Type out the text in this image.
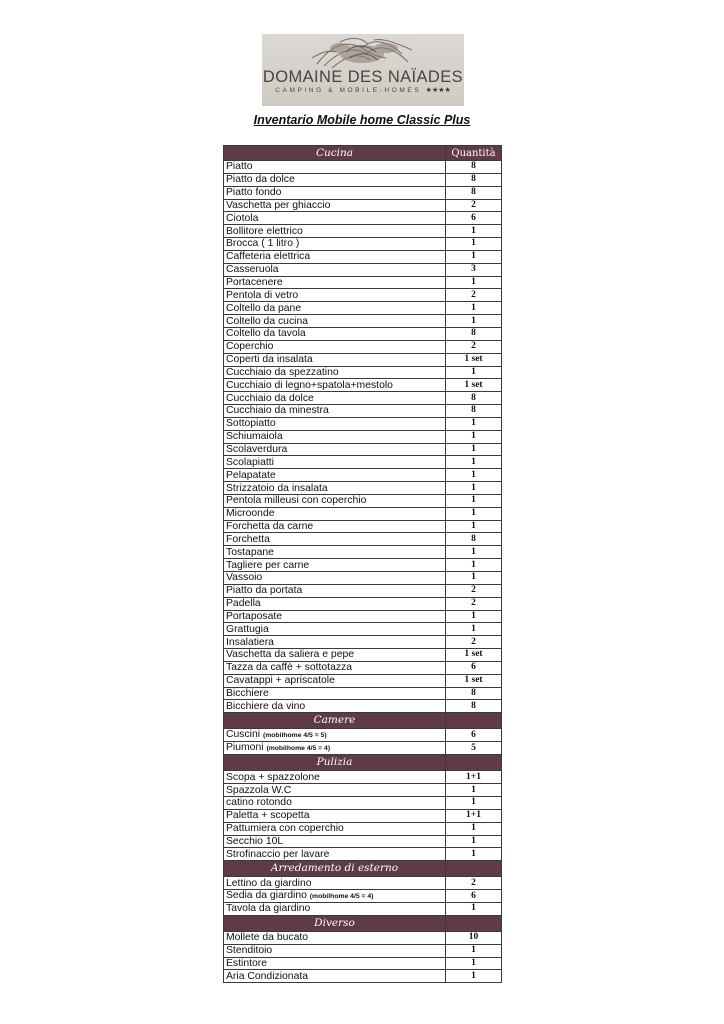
DOMAINE DES NAÏADES
CAMPING & MOBILE-HOMES ★★★★
Inventario Mobile home Classic Plus
Cucina	Quantità
Piatto	8
Piatto da dolce	8
Piatto fondo	8
Vaschetta per ghiaccio	2
Ciotola	6
Bollitore elettrico	1
Brocca ( 1 litro )	1
Caffeteria elettrica	1
Casseruola	3
Portacenere	1
Pentola di vetro	2
Coltello da pane	1
Coltello da cucina	1
Coltello da tavola	8
Coperchio	2
Coperti da insalata	1 set
Cucchiaio da spezzatino	1
Cucchiaio di legno+spatola+mestolo	1 set
Cucchiaio da dolce	8
Cucchiaio da minestra	8
Sottopiatto	1
Schiumaiola	1
Scolaverdura	1
Scolapiatti	1
Pelapatate	1
Strizzatoio da insalata	1
Pentola milleusi con coperchio	1
Microonde	1
Forchetta da carne	1
Forchetta	8
Tostapane	1
Tagliere per carne	1
Vassoio	1
Piatto da portata	2
Padella	2
Portaposate	1
Grattugia	1
Insalatiera	2
Vaschetta da saliera e pepe	1 set
Tazza da caffè + sottotazza	6
Cavatappi + apriscatole	1 set
Bicchiere	8
Bicchiere da vino	8
Camere	
Cuscini (mobilhome 4/5 = 5)	6
Piumoni (mobilhome 4/5 = 4)	5
Pulizia	
Scopa + spazzolone	1+1
Spazzola W.C	1
catino rotondo	1
Paletta + scopetta	1+1
Pattumiera con coperchio	1
Secchio 10L	1
Strofinaccio per lavare	1
Arredamento di esterno	
Lettino da giardino	2
Sedia da giardino (mobilhome 4/5 = 4)	6
Tavola da giardino	1
Diverso	
Mollete da bucato	10
Stenditoio	1
Estintore	1
Aria Condizionata	1
